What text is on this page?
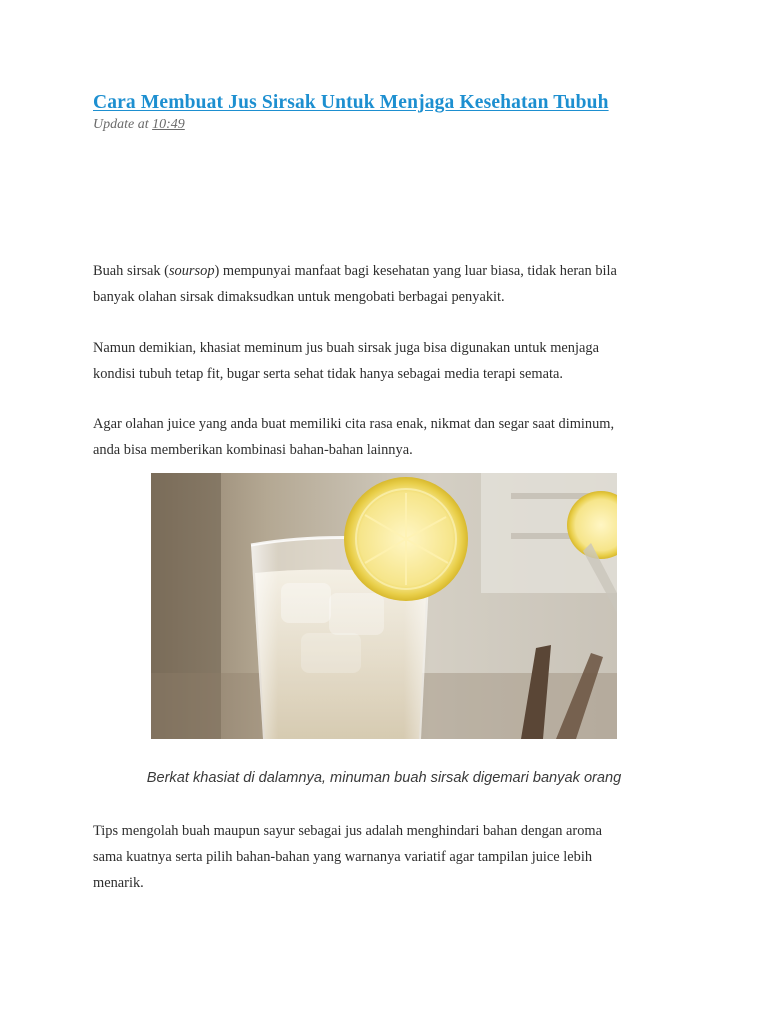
Cara Membuat Jus Sirsak Untuk Menjaga Kesehatan Tubuh
Update at 10:49

Buah sirsak (soursop) mempunyai manfaat bagi kesehatan yang luar biasa, tidak heran bila
banyak olahan sirsak dimaksudkan untuk mengobati berbagai penyakit.

Namun demikian, khasiat meminum jus buah sirsak juga bisa digunakan untuk menjaga
kondisi tubuh tetap fit, bugar serta sehat tidak hanya sebagai media terapi semata.

Agar olahan juice yang anda buat memiliki cita rasa enak, nikmat dan segar saat diminum,
anda bisa memberikan kombinasi bahan-bahan lainnya.

Berkat khasiat di dalamnya, minuman buah sirsak digemari banyak orang

Tips mengolah buah maupun sayur sebagai jus adalah menghindari bahan dengan aroma
sama kuatnya serta pilih bahan-bahan yang warnanya variatif agar tampilan juice lebih
menarik.
